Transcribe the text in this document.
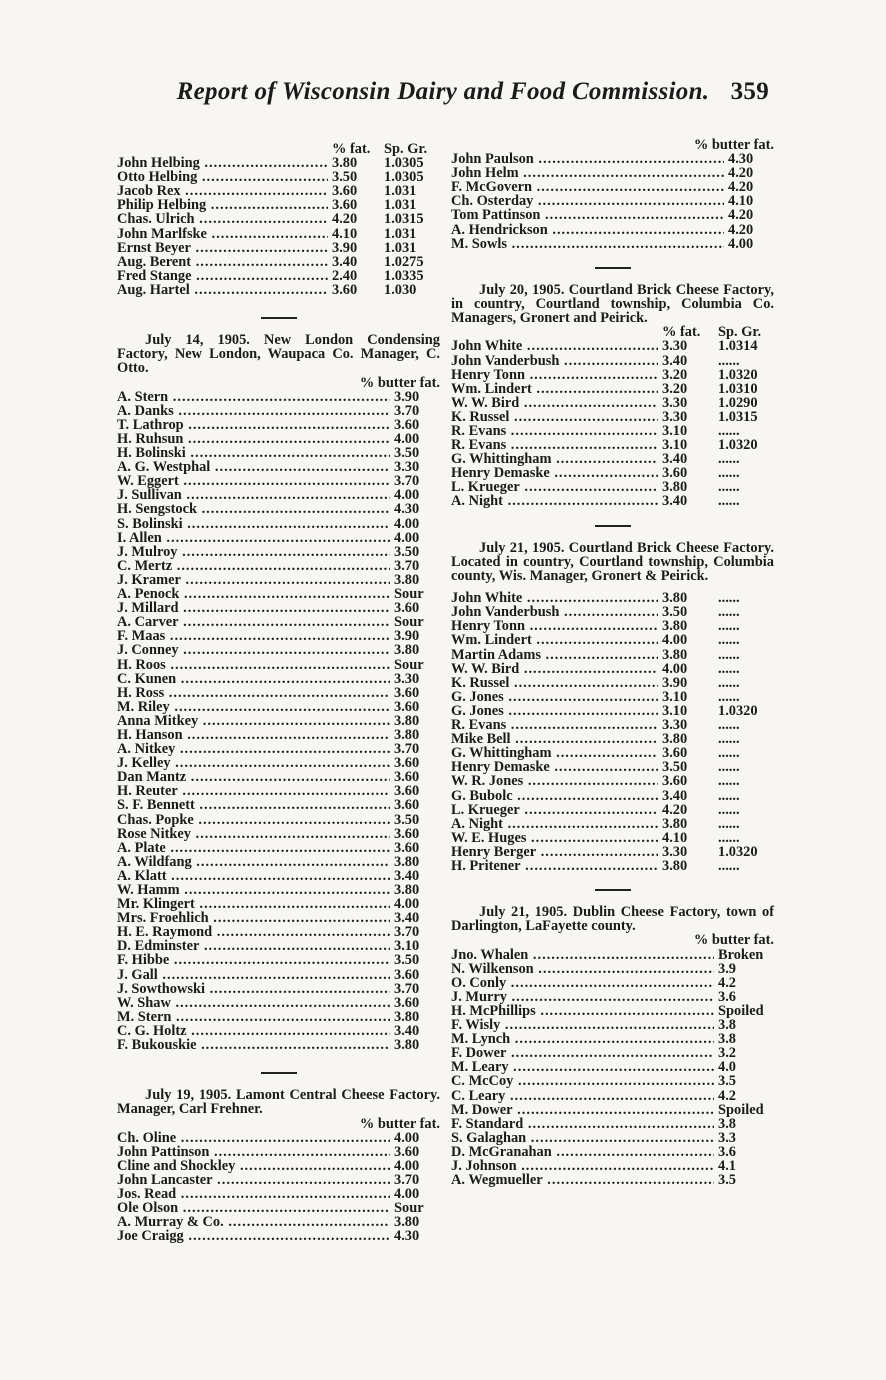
Report of Wisconsin Dairy and Food Commission. 359
% fat. Sp. Gr.
John Helbing .....	3.80	1.0305
Otto Helbing .....	3.50	1.0305
Jacob Rex .....	3.60	1.031
Philip Helbing .....	3.60	1.031
Chas. Ulrich .....	4.20	1.0315
John Marlfske .....	4.10	1.031
Ernst Beyer .....	3.90	1.031
Aug. Berent .....	3.40	1.0275
Fred Stange .....	2.40	1.0335
Aug. Hartel .....	3.60	1.030

July 14, 1905. New London Condensing Factory, New London, Waupaca Co. Manager, C. Otto.

% butter fat.
A. Stern .....	3.90
A. Danks .....	3.70
T. Lathrop .....	3.60
H. Ruhsun .....	4.00
H. Bolinski .....	3.50
A. G. Westphal .....	3.30
W. Eggert .....	3.70
J. Sullivan .....	4.00
H. Sengstock .....	4.30
S. Bolinski .....	4.00
I. Allen .....	4.00
J. Mulroy .....	3.50
C. Mertz .....	3.70
J. Kramer .....	3.80
A. Penock .....	Sour
J. Millard .....	3.60
A. Carver .....	Sour
F. Maas .....	3.90
J. Conney .....	3.80
H. Roos .....	Sour
C. Kunen .....	3.30
H. Ross .....	3.60
M. Riley .....	3.60
Anna Mitkey .....	3.80
H. Hanson .....	3.80
A. Nitkey .....	3.70
J. Kelley .....	3.60
Dan Mantz .....	3.60
H. Reuter .....	3.60
S. F. Bennett .....	3.60
Chas. Popke .....	3.50
Rose Nitkey .....	3.60
A. Plate .....	3.60
A. Wildfang .....	3.80
A. Klatt .....	3.40
W. Hamm .....	3.80
Mr. Klingert .....	4.00
Mrs. Froehlich .....	3.40
H. E. Raymond .....	3.70
D. Edminster .....	3.10
F. Hibbe .....	3.50
J. Gall .....	3.60
J. Sowthowski .....	3.70
W. Shaw .....	3.60
M. Stern .....	3.80
C. G. Holtz .....	3.40
F. Bukouskie .....	3.80

July 19, 1905. Lamont Central Cheese Factory. Manager, Carl Frehner.

% butter fat.
Ch. Oline .....	4.00
John Pattinson .....	3.60
Cline and Shockley .....	4.00
John Lancaster .....	3.70
Jos. Read .....	4.00
Ole Olson .....	Sour
A. Murray & Co. .....	3.80
Joe Craigg .....	4.30
% butter fat.
John Paulson .....	4.30
John Helm .....	4.20
F. McGovern .....	4.20
Ch. Osterday .....	4.10
Tom Pattinson .....	4.20
A. Hendrickson .....	4.20
M. Sowls .....	4.00

July 20, 1905. Courtland Brick Cheese Factory, in country, Courtland township, Columbia Co. Managers, Gronert and Peirick.

% fat.	Sp. Gr.
John White .....	3.30	1.0314
John Vanderbush .....	3.40	......
Henry Tonn .....	3.20	1.0320
Wm. Lindert .....	3.20	1.0310
W. W. Bird .....	3.30	1.0290
K. Russel .....	3.30	1.0315
R. Evans .....	3.10	......
R. Evans .....	3.10	1.0320
G. Whittingham .....	3.40	......
Henry Demaske .....	3.60	......
L. Krueger .....	3.80	......
A. Night .....	3.40	......

July 21, 1905. Courtland Brick Cheese Factory. Located in country, Courtland township, Columbia county, Wis. Manager, Gronert & Peirick.

John White .....	3.80	......
John Vanderbush .....	3.50	......
Henry Tonn .....	3.80	......
Wm. Lindert .....	4.00	......
Martin Adams .....	3.80	......
W. W. Bird .....	4.00	......
K. Russel .....	3.90	......
G. Jones .....	3.10	......
G. Jones .....	3.10	1.0320
R. Evans .....	3.30	......
Mike Bell .....	3.80	......
G. Whittingham .....	3.60	......
Henry Demaske .....	3.50	......
W. R. Jones .....	3.60	......
G. Bubolc .....	3.40	......
L. Krueger .....	4.20	......
A. Night .....	3.80	......
W. E. Huges .....	4.10	......
Henry Berger .....	3.30	1.0320
H. Pritener .....	3.80	......

July 21, 1905. Dublin Cheese Factory, town of Darlington, LaFayette county.

% butter fat.
Jno. Whalen .....	Broken
N. Wilkenson .....	3.9
O. Conly .....	4.2
J. Murry .....	3.6
H. McPhillips .....	Spoiled
F. Wisly .....	3.8
M. Lynch .....	3.8
F. Dower .....	3.2
M. Leary .....	4.0
C. McCoy .....	3.5
C. Leary .....	4.2
M. Dower .....	Spoiled
F. Standard .....	3.8
S. Galaghan .....	3.3
D. McGranahan .....	3.6
J. Johnson .....	4.1
A. Wegmueller .....	3.5
